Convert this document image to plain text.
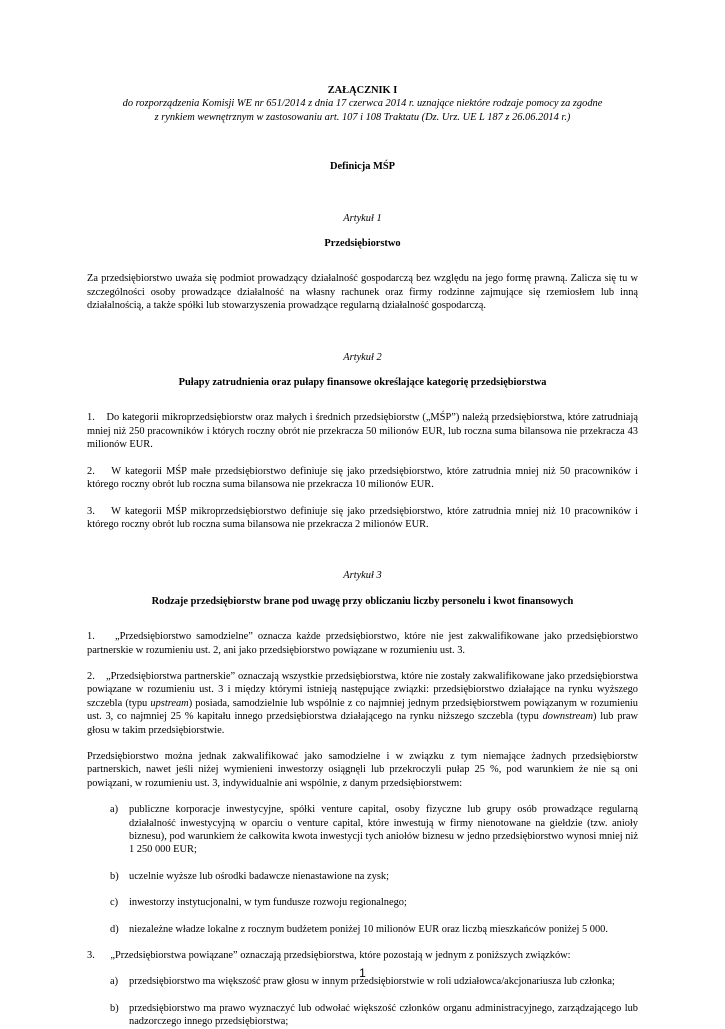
ZAŁĄCZNIK I
do rozporządzenia Komisji WE nr 651/2014 z dnia 17 czerwca 2014 r. uznające niektóre rodzaje pomocy za zgodne
z rynkiem wewnętrznym w zastosowaniu art. 107 i 108 Traktatu (Dz. Urz. UE L 187 z 26.06.2014 r.)
Definicja MŚP
Artykuł 1
Przedsiębiorstwo

Za przedsiębiorstwo uważa się podmiot prowadzący działalność gospodarczą bez względu na jego formę prawną. Zalicza się tu w szczególności osoby prowadzące działalność na własny rachunek oraz firmy rodzinne zajmujące się rzemiosłem lub inną działalnością, a także spółki lub stowarzyszenia prowadzące regularną działalność gospodarczą.

Artykuł 2
Pułapy zatrudnienia oraz pułapy finansowe określające kategorię przedsiębiorstwa

1.    Do kategorii mikroprzedsiębiorstw oraz małych i średnich przedsiębiorstw („MŚP”) należą przedsiębiorstwa, które zatrudniają mniej niż 250 pracowników i których roczny obrót nie przekracza 50 milionów EUR, lub roczna suma bilansowa nie przekracza 43 milionów EUR.

2.    W kategorii MŚP małe przedsiębiorstwo definiuje się jako przedsiębiorstwo, które zatrudnia mniej niż 50 pracowników i którego roczny obrót lub roczna suma bilansowa nie przekracza 10 milionów EUR.

3.    W kategorii MŚP mikroprzedsiębiorstwo definiuje się jako przedsiębiorstwo, które zatrudnia mniej niż 10 pracowników i którego roczny obrót lub roczna suma bilansowa nie przekracza 2 milionów EUR.

Artykuł 3
Rodzaje przedsiębiorstw brane pod uwagę przy obliczaniu liczby personelu i kwot finansowych

1.    „Przedsiębiorstwo samodzielne” oznacza każde przedsiębiorstwo, które nie jest zakwalifikowane jako przedsiębiorstwo partnerskie w rozumieniu ust. 2, ani jako przedsiębiorstwo powiązane w rozumieniu ust. 3.

2.    „Przedsiębiorstwa partnerskie” oznaczają wszystkie przedsiębiorstwa, które nie zostały zakwalifikowane jako przedsiębiorstwa powiązane w rozumieniu ust. 3 i między którymi istnieją następujące związki: przedsiębiorstwo działające na rynku wyższego szczebla (typu upstream) posiada, samodzielnie lub wspólnie z co najmniej jednym przedsiębiorstwem powiązanym w rozumieniu ust. 3, co najmniej 25 % kapitału innego przedsiębiorstwa działającego na rynku niższego szczebla (typu downstream) lub praw głosu w takim przedsiębiorstwie.

Przedsiębiorstwo można jednak zakwalifikować jako samodzielne i w związku z tym niemające żadnych przedsiębiorstw partnerskich, nawet jeśli niżej wymienieni inwestorzy osiągnęli lub przekroczyli pułap 25 %, pod warunkiem że nie są oni powiązani, w rozumieniu ust. 3, indywidualnie ani wspólnie, z danym przedsiębiorstwem:

a) publiczne korporacje inwestycyjne, spółki venture capital, osoby fizyczne lub grupy osób prowadzące regularną działalność inwestycyjną w oparciu o venture capital, które inwestują w firmy nienotowane na giełdzie (tzw. anioły biznesu), pod warunkiem że całkowita kwota inwestycji tych aniołów biznesu w jedno przedsiębiorstwo wynosi mniej niż 1 250 000 EUR;
b) uczelnie wyższe lub ośrodki badawcze nienastawione na zysk;
c) inwestorzy instytucjonalni, w tym fundusze rozwoju regionalnego;
d) niezależne władze lokalne z rocznym budżetem poniżej 10 milionów EUR oraz liczbą mieszkańców poniżej 5 000.

3.      „Przedsiębiorstwa powiązane” oznaczają przedsiębiorstwa, które pozostają w jednym z poniższych związków:

a) przedsiębiorstwo ma większość praw głosu w innym przedsiębiorstwie w roli udziałowca/akcjonariusza lub członka;
b) przedsiębiorstwo ma prawo wyznaczyć lub odwołać większość członków organu administracyjnego, zarządzającego lub nadzorczego innego przedsiębiorstwa;
1
